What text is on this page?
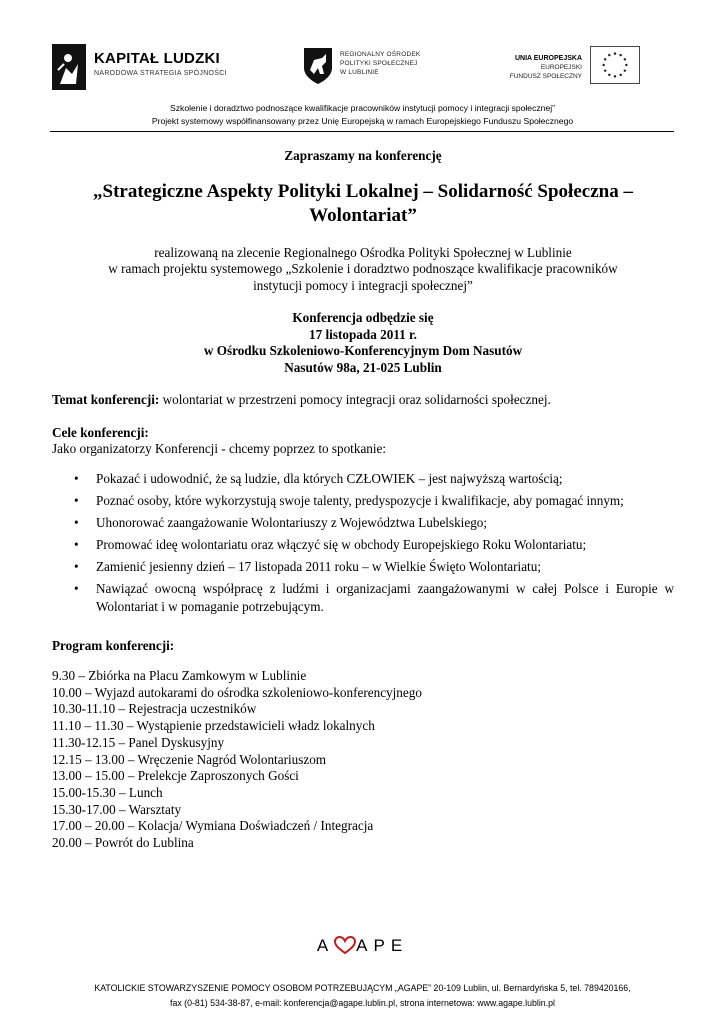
KAPITAŁ LUDZKI
NARODOWA STRATEGIA SPÓJNOŚCI
REGIONALNY OŚRODEK
POLITYKI SPOŁECZNEJ
W LUBLINIE
UNIA EUROPEJSKA
EUROPEJSKI
FUNDUSZ SPOŁECZNY
Szkolenie i doradztwo podnoszące kwalifikacje pracowników instytucji pomocy i integracji społecznej”
Projekt systemowy współfinansowany przez Unię Europejską w ramach Europejskiego Funduszu Społecznego
Zapraszamy na konferencję
„Strategiczne Aspekty Polityki Lokalnej – Solidarność Społeczna –
Wolontariat”
realizowaną na zlecenie Regionalnego Ośrodka Polityki Społecznej w Lublinie
w ramach projektu systemowego „Szkolenie i doradztwo podnoszące kwalifikacje pracowników
instytucji pomocy i integracji społecznej”
Konferencja odbędzie się
17 listopada 2011 r.
w Ośrodku Szkoleniowo-Konferencyjnym Dom Nasutów
Nasutów 98a, 21-025 Lublin

Temat konferencji: wolontariat w przestrzeni pomocy integracji oraz solidarności społecznej.

Cele konferencji:

Jako organizatorzy Konferencji - chcemy poprzez to spotkanie:

• Pokazać i udowodnić, że są ludzie, dla których CZŁOWIEK – jest najwyższą wartością;
• Poznać osoby, które wykorzystują swoje talenty, predyspozycje i kwalifikacje, aby pomagać innym;
• Uhonorować zaangażowanie Wolontariuszy z Województwa Lubelskiego;
• Promować ideę wolontariatu oraz włączyć się w obchody Europejskiego Roku Wolontariatu;
• Zamienić jesienny dzień – 17 listopada 2011 roku – w Wielkie Święto Wolontariatu;
• Nawiązać owocną współpracę z ludźmi i organizacjami zaangażowanymi w całej Polsce i Europie w Wolontariat i w pomaganie potrzebującym.

Program konferencji:

9.30 – Zbiórka na Placu Zamkowym w Lublinie

10.00 – Wyjazd autokarami do ośrodka szkoleniowo-konferencyjnego

10.30-11.10 – Rejestracja uczestników

11.10 – 11.30 – Wystąpienie przedstawicieli władz lokalnych

11.30-12.15 – Panel Dyskusyjny

12.15 – 13.00 – Wręczenie Nagród Wolontariuszom

13.00 – 15.00 – Prelekcje Zaproszonych Gości

15.00-15.30 – Lunch

15.30-17.00 – Warsztaty

17.00 – 20.00 – Kolacja/ Wymiana Doświadczeń / Integracja

20.00 – Powrót do Lublina

A APE
KATOLICKIE STOWARZYSZENIE POMOCY OSOBOM POTRZEBUJĄCYM „AGAPE” 20-109 Lublin, ul. Bernardyńska 5, tel. 789420166,
fax (0-81) 534-38-87, e-mail: konferencja@agape.lublin.pl, strona internetowa: www.agape.lublin.pl
